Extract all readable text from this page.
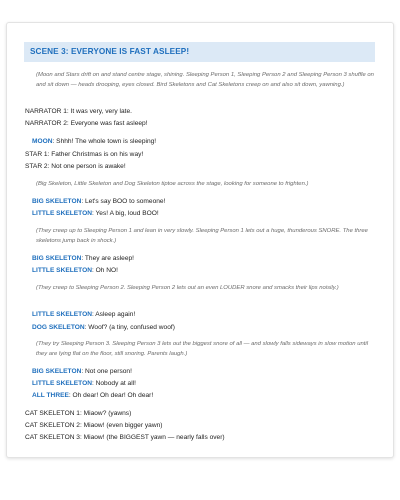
SCENE 3: EVERYONE IS FAST ASLEEP!
(Moon and Stars drift on and stand centre stage, shining. Sleeping Person 1, Sleeping Person 2 and Sleeping Person 3 shuffle on and sit down — heads drooping, eyes closed. Bird Skeletons and Cat Skeletons creep on and also sit down, yawning.)
NARRATOR 1: It was very, very late.
NARRATOR 2: Everyone was fast asleep!
MOON: Shhh! The whole town is sleeping!
STAR 1: Father Christmas is on his way!
STAR 2: Not one person is awake!
(Big Skeleton, Little Skeleton and Dog Skeleton tiptoe across the stage, looking for someone to frighten.)
BIG SKELETON: Let's say BOO to someone!
LITTLE SKELETON: Yes! A big, loud BOO!
(They creep up to Sleeping Person 1 and lean in very slowly. Sleeping Person 1 lets out a huge, thunderous SNORE. The three skeletons jump back in shock.)
BIG SKELETON: They are asleep!
LITTLE SKELETON: Oh NO!
(They creep to Sleeping Person 2. Sleeping Person 2 lets out an even LOUDER snore and smacks their lips noisily.)
LITTLE SKELETON: Asleep again!
DOG SKELETON: Woof? (a tiny, confused woof)
(They try Sleeping Person 3. Sleeping Person 3 lets out the biggest snore of all — and slowly falls sideways in slow motion until they are lying flat on the floor, still snoring. Parents laugh.)
BIG SKELETON: Not one person!
LITTLE SKELETON: Nobody at all!
ALL THREE: Oh dear! Oh dear! Oh dear!
CAT SKELETON 1: Miaow? (yawns)
CAT SKELETON 2: Miaow! (even bigger yawn)
CAT SKELETON 3: Miaow! (the BIGGEST yawn — nearly falls over)
